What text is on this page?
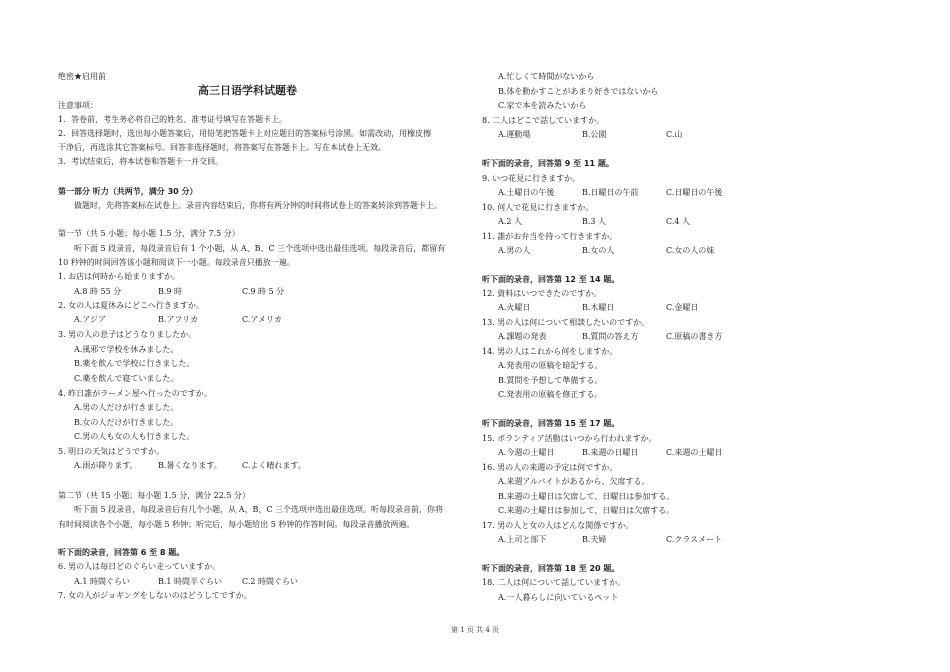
绝密★启用前
高三日语学科试题卷
注意事项：
1．答卷前，考生务必将自己的姓名、准考证号填写在答题卡上。
2．回答选择题时，选出每小题答案后，用铅笔把答题卡上对应题目的答案标号涂黑。如需改动，用橡皮擦
干净后，再选涂其它答案标号。回答非选择题时，将答案写在答题卡上。写在本试卷上无效。
3．考试结束后，将本试卷和答题卡一并交回。
第一部分 听力（共两节，满分 30 分）
做题时，先将答案标在试卷上。录音内容结束后，你将有两分钟的时间将试卷上的答案转涂到答题卡上。
第一节（共 5 小题；每小题 1.5 分，满分 7.5 分）
听下面 5 段录音，每段录音后有 1 个小题，从 A、B、C 三个选项中选出最佳选项。每段录音后，都留有
10 秒钟的时间回答该小题和阅读下一小题。每段录音只播放一遍。
1. お店は何時から始まりますか。
A.8 時 55 分	B.9 時	C.9 時 5 分
2. 女の人は夏休みにどこへ行きますか。
A.アジア	B.アフリカ	C.アメリカ
3. 男の人の息子はどうなりましたか。
A.風邪で学校を休みました。
B.薬を飲んで学校に行きました。
C.薬を飲んで寝ていました。
4. 昨日誰がラーメン屋へ行ったのですか。
A.男の人だけが行きました。
B.女の人だけが行きました。
C.男の人も女の人も行きました。
5. 明日の天気はどうですか。
A.雨が降ります。	B.暑くなります。	C.よく晴れます。
第二节（共 15 小题；每小题 1.5 分，满分 22.5 分）
听下面 5 段录音，每段录音后有几个小题，从 A、B、C 三个选项中选出最佳选项。听每段录音前，你将
有时间阅读各个小题，每小题 5 秒钟；听完后，每小题给出 5 秒钟的作答时间。每段录音播放两遍。
听下面的录音，回答第 6 至 8 题。
6. 男の人は毎日どのぐらい走っていますか。
A.1 時間ぐらい	B.1 時間半ぐらい C.2 時間ぐらい
7. 女の人がジョギングをしないのはどうしてですか。
A.忙しくて時間がないから
B.体を動かすことがあまり好きではないから
C.家で本を読みたいから
8. 二人はどこで話していますか。
A.運動場	B.公園	C.山
听下面的录音，回答第 9 至 11 题。
9. いつ花見に行きますか。
A.土曜日の午後	B.日曜日の午前	C.日曜日の午後
10. 何人で花見に行きますか。
A.2 人	B.3 人	C.4 人
11. 誰がお弁当を持って行きますか。
A.男の人	B.女の人	C.女の人の妹
听下面的录音，回答第 12 至 14 题。
12. 資料はいつできたのですか。
A.火曜日	B.木曜日	C.金曜日
13. 男の人は何について相談したいのですか。
A.課題の発表	B.質問の答え方	C.原稿の書き方
14. 男の人はこれから何をしますか。
A.発表用の原稿を暗記する。
B.質問を予想して準備する。
C.発表用の原稿を修正する。
听下面的录音，回答第 15 至 17 题。
15. ボランティア活動はいつから行われますか。
A.今週の土曜日	B.来週の日曜日	C.来週の土曜日
16. 男の人の来週の予定は何ですか。
A.来週アルバイトがあるから、欠席する。
B.来週の土曜日は欠席して、日曜日は参加する。
C.来週の土曜日は参加して、日曜日は欠席する。
17. 男の人と女の人はどんな関係ですか。
A.上司と部下	B.夫婦	C.クラスメート
听下面的录音，回答第 18 至 20 题。
18. 二人は何について話していますか。
A.一人暮らしに向いているペット
第 1 页 共 4 页
